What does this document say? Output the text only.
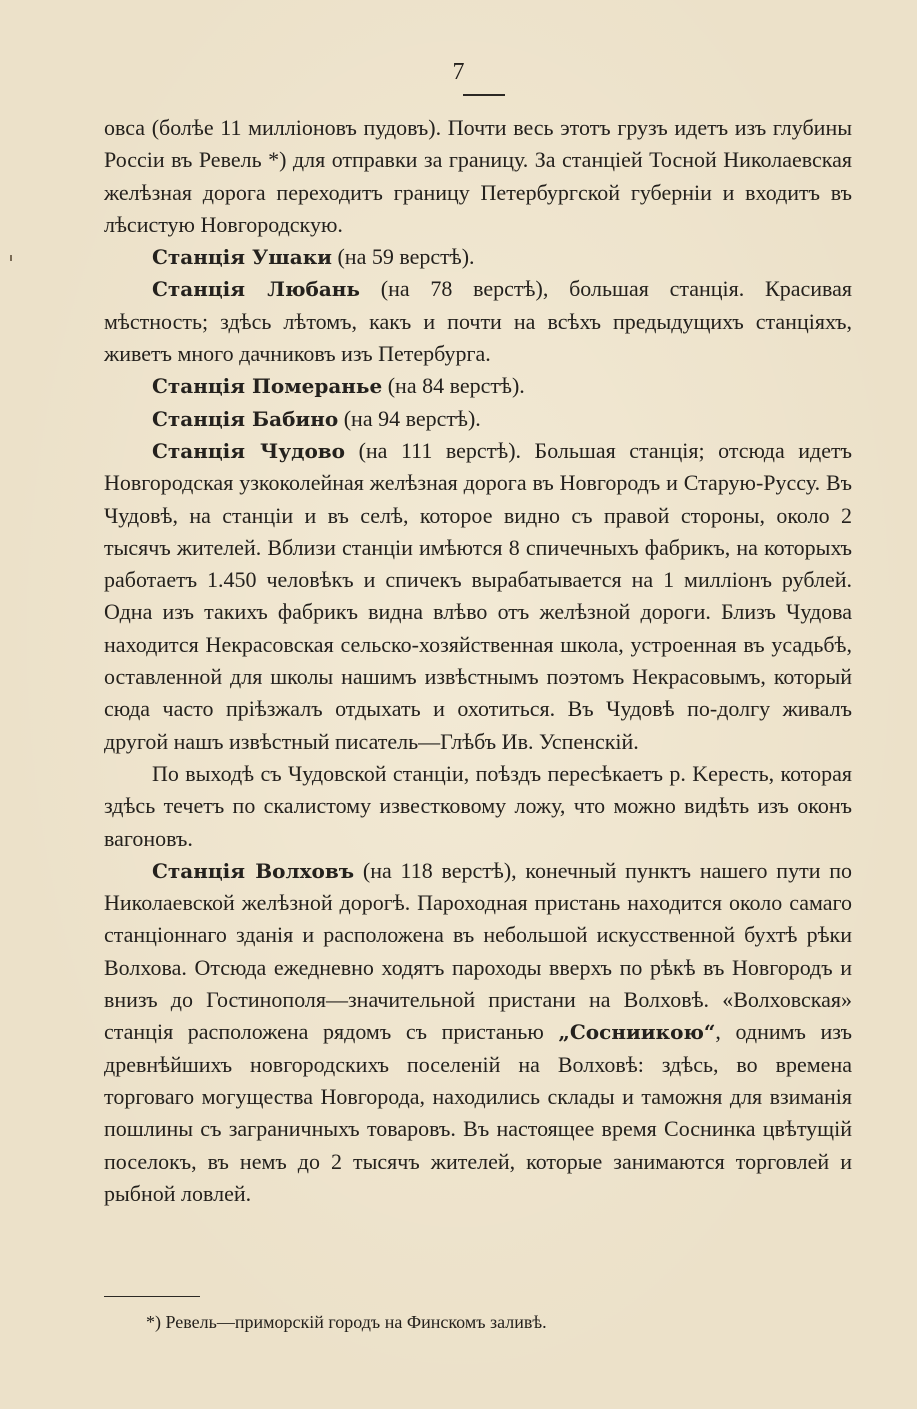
7

овса (болѣе 11 милліоновъ пудовъ). Почти весь этотъ грузъ идетъ изъ глубины Россіи въ Ревель *) для отправки за границу. За станціей Тосной Николаевская желѣзная дорога переходитъ границу Петербургской губерніи и входитъ въ лѣсистую Новгородскую.

Станція Ушаки (на 59 верстѣ).

Станція Любань (на 78 верстѣ), большая станція. Красивая мѣстность; здѣсь лѣтомъ, какъ и почти на всѣхъ предыдущихъ станціяхъ, живетъ много дачниковъ изъ Петербурга.

Станція Померанье (на 84 верстѣ).

Станція Бабино (на 94 верстѣ).

Станція Чудово (на 111 верстѣ). Большая станція; отсюда идетъ Новгородская узкоколейная желѣзная дорога въ Новгородъ и Старую-Руссу. Въ Чудовѣ, на станціи и въ селѣ, которое видно съ правой стороны, около 2 тысячъ жителей. Вблизи станціи имѣются 8 спичечныхъ фабрикъ, на которыхъ работаетъ 1.450 человѣкъ и спичекъ вырабатывается на 1 милліонъ рублей. Одна изъ такихъ фабрикъ видна влѣво отъ желѣзной дороги. Близъ Чудова находится Некрасовская сельско-хозяйственная школа, устроенная въ усадьбѣ, оставленной для школы нашимъ извѣстнымъ поэтомъ Некрасовымъ, который сюда часто пріѣзжалъ отдыхать и охотиться. Въ Чудовѣ по-долгу живалъ другой нашъ извѣстный писатель—Глѣбъ Ив. Успенскій.

По выходѣ съ Чудовской станціи, поѣздъ пересѣкаетъ р. Keресть, которая здѣсь течетъ по скалистому известковому ложу, что можно видѣть изъ оконъ вагоновъ.

Станція Волховъ (на 118 верстѣ), конечный пунктъ нашего пути по Николаевской желѣзной дорогѣ. Пароходная пристань находится около самаго станціоннаго зданія и расположена въ небольшой искусственной бухтѣ рѣки Волхова. Отсюда ежедневно ходятъ пароходы вверхъ по рѣкѣ въ Новгородъ и внизъ до Гостинополя—значительной пристани на Волховѣ. «Волховская» станція расположена рядомъ съ пристанью „Сосниикою“, однимъ изъ древнѣйшихъ новгородскихъ поселеній на Волховѣ: здѣсь, во времена торговаго могущества Новгорода, находились склады и таможня для взиманія пошлины съ заграничныхъ товаровъ. Въ настоящее время Соснинка цвѣтущій поселокъ, въ немъ до 2 тысячъ жителей, которые занимаются торговлей и рыбной ловлей.

*) Ревель—приморскій городъ на Финскомъ заливѣ.
